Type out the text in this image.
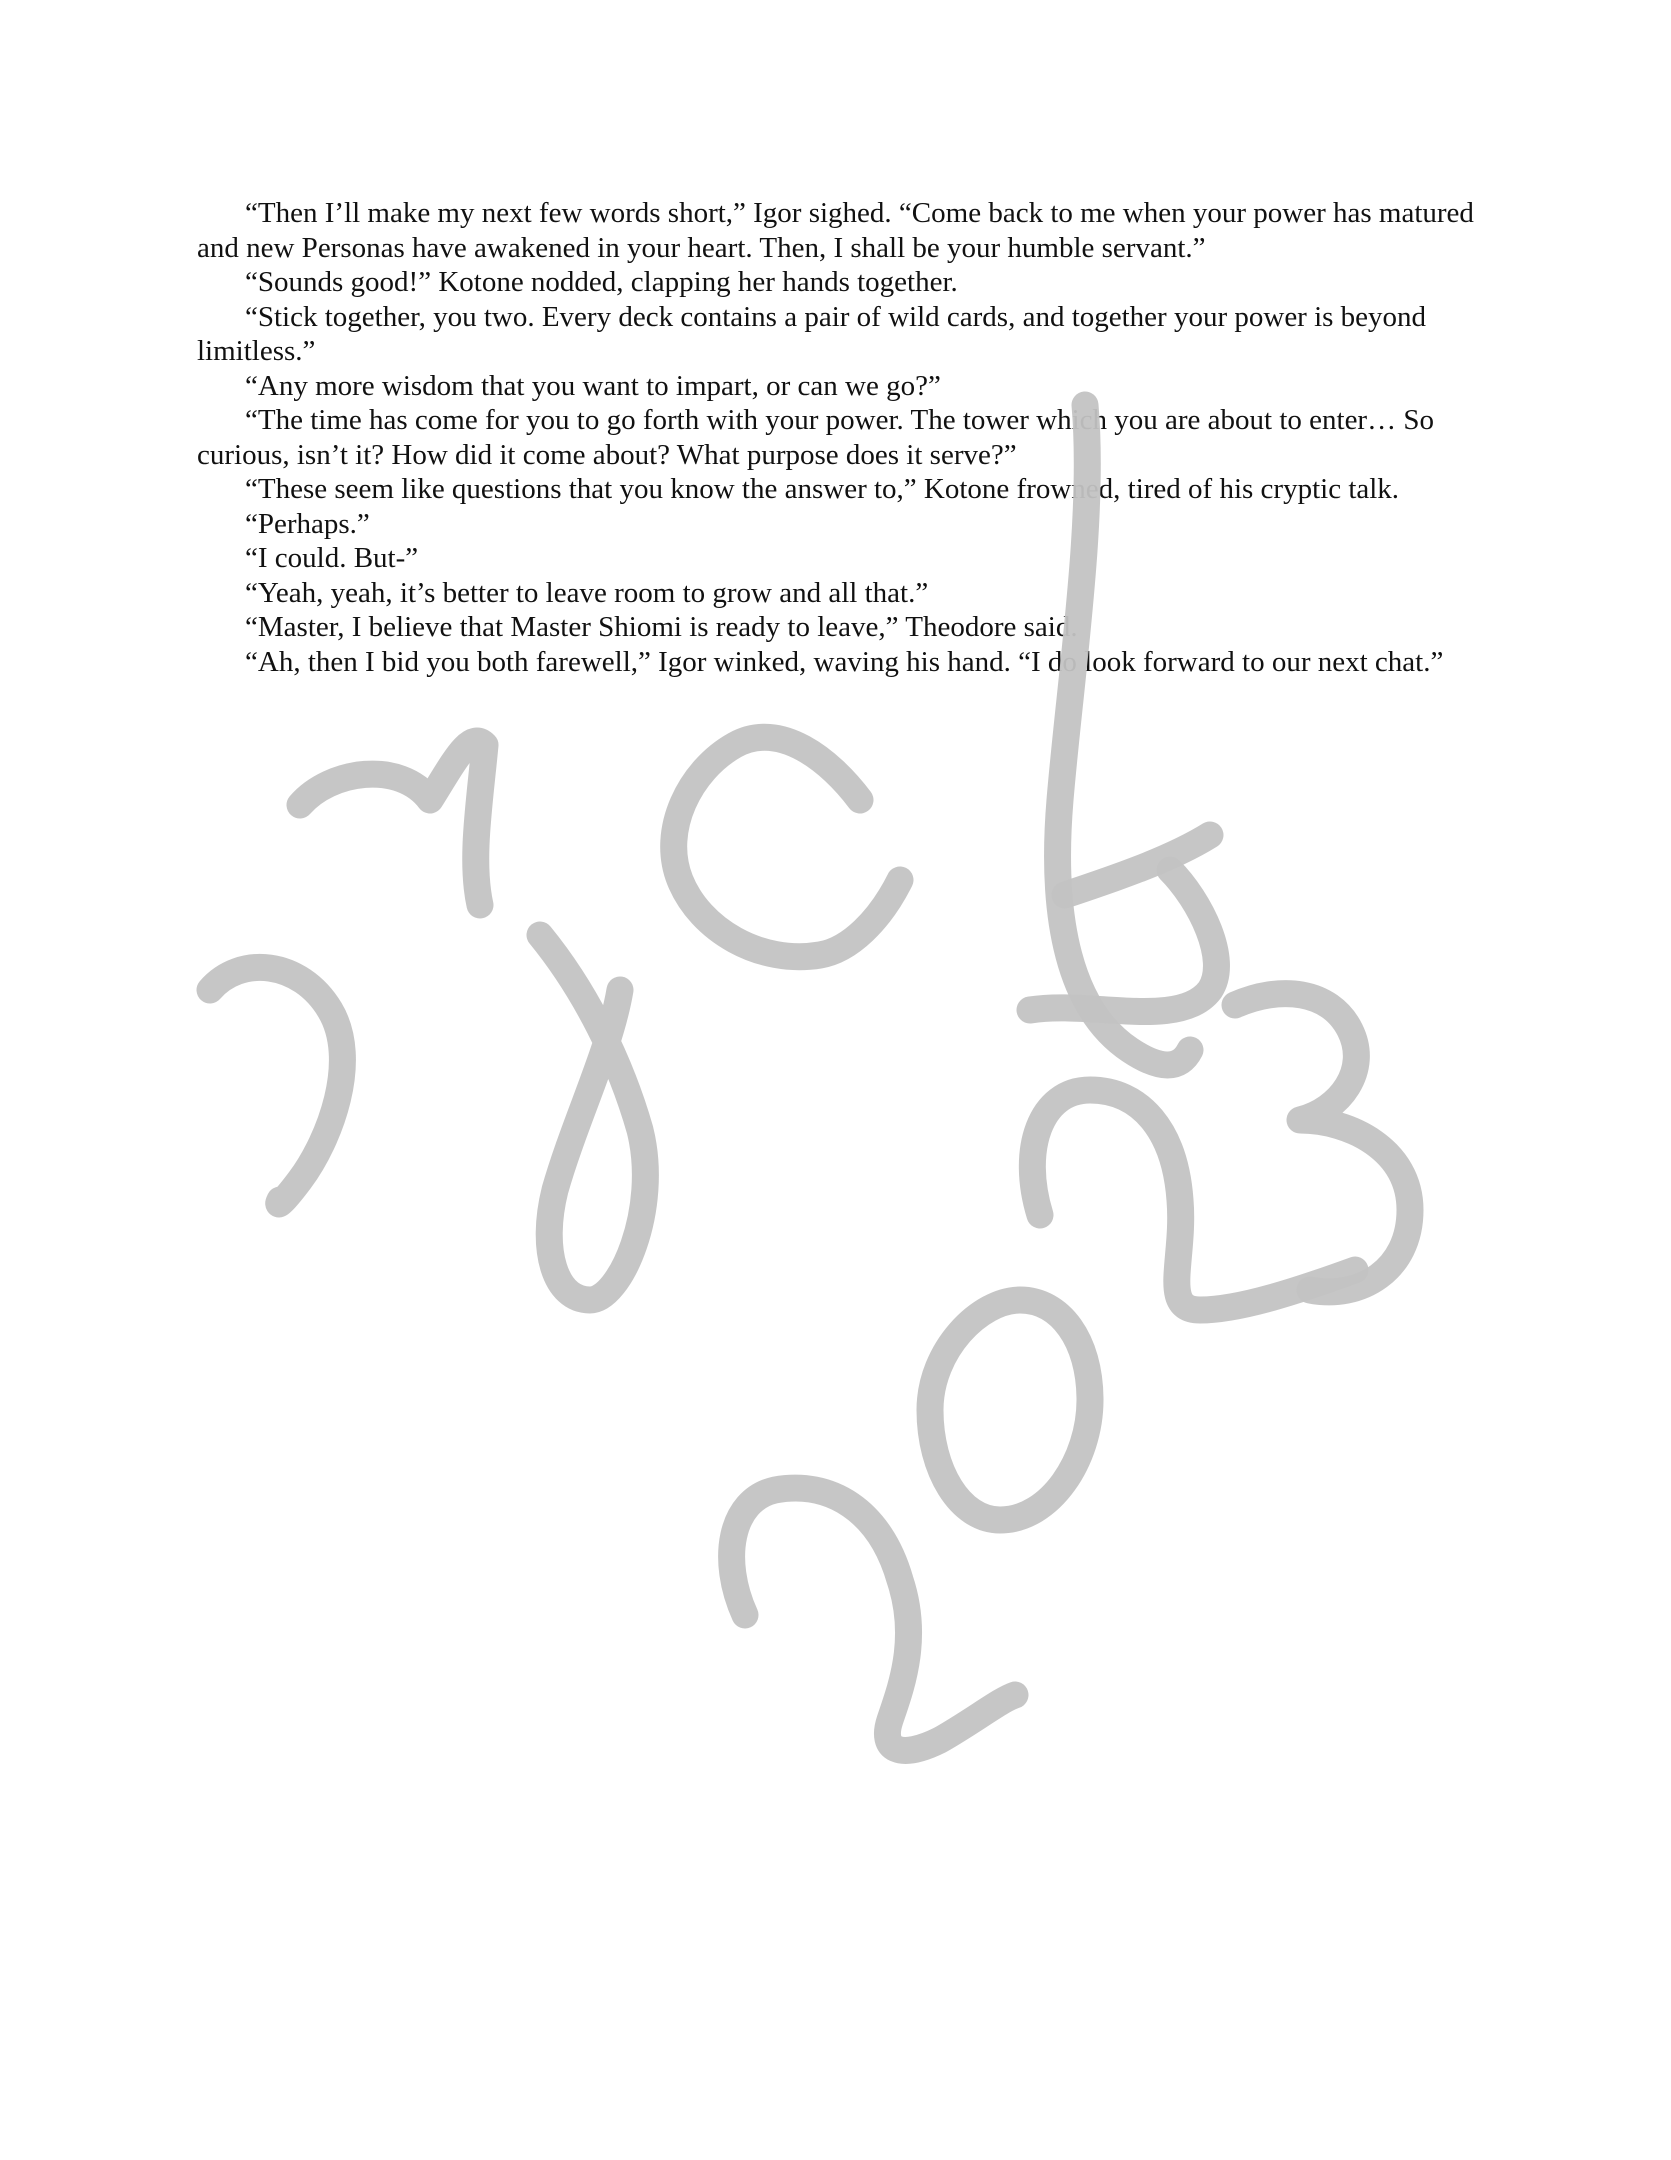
“Then I’ll make my next few words short,” Igor sighed. “Come back to me when your power has matured and new Personas have awakened in your heart. Then, I shall be your humble servant.”

“Sounds good!” Kotone nodded, clapping her hands together.

“Stick together, you two. Every deck contains a pair of wild cards, and together your power is beyond limitless.”

“Any more wisdom that you want to impart, or can we go?”

“The time has come for you to go forth with your power. The tower which you are about to enter… So curious, isn’t it? How did it come about? What purpose does it serve?”

“These seem like questions that you know the answer to,” Kotone frowned, tired of his cryptic talk.

“Perhaps.”

“I could. But-”

“Yeah, yeah, it’s better to leave room to grow and all that.”

“Master, I believe that Master Shiomi is ready to leave,” Theodore said.

“Ah, then I bid you both farewell,” Igor winked, waving his hand. “I do look forward to our next chat.”
